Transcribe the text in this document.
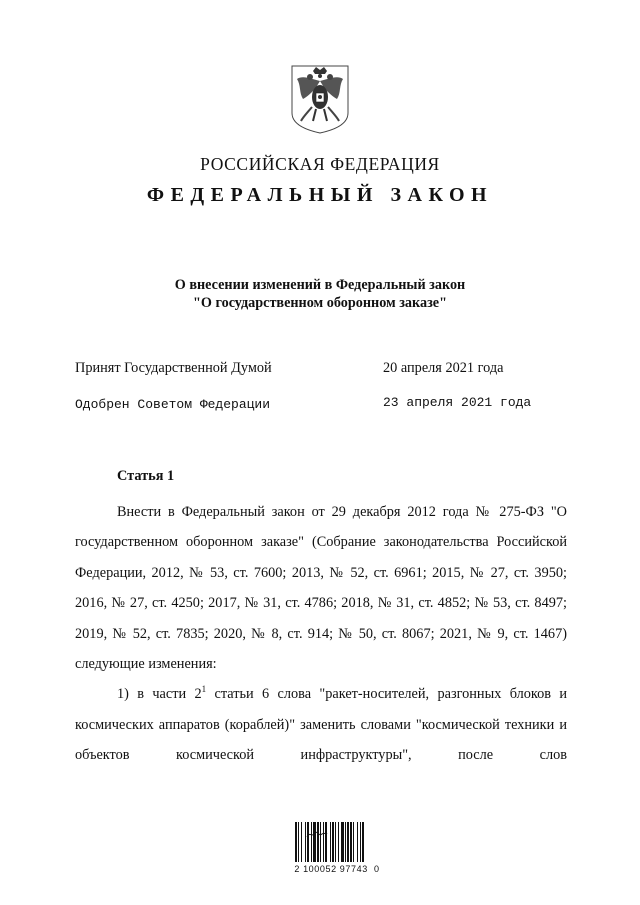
РОССИЙСКАЯ ФЕДЕРАЦИЯ
ФЕДЕРАЛЬНЫЙ ЗАКОН
О внесении изменений в Федеральный закон
"О государственном оборонном заказе"
Принят Государственной Думой	20 апреля 2021 года
Одобрен Советом Федерации	23 апреля 2021 года
Статья 1

Внести в Федеральный закон от 29 декабря 2012 года № 275-ФЗ "О государственном оборонном заказе" (Собрание законодательства Российской Федерации, 2012, № 53, ст. 7600; 2013, № 52, ст. 6961; 2015, № 27, ст. 3950; 2016, № 27, ст. 4250; 2017, № 31, ст. 4786; 2018, № 31, ст. 4852; № 53, ст. 8497; 2019, № 52, ст. 7835; 2020, № 8, ст. 914; № 50, ст. 8067; 2021, № 9, ст. 1467) следующие изменения:

1) в части $2^1$ статьи 6 слова "ракет-носителей, разгонных блоков и космических аппаратов (кораблей)" заменить словами "космической техники и объектов космической инфраструктуры", после слов

2 100052 97743  0
